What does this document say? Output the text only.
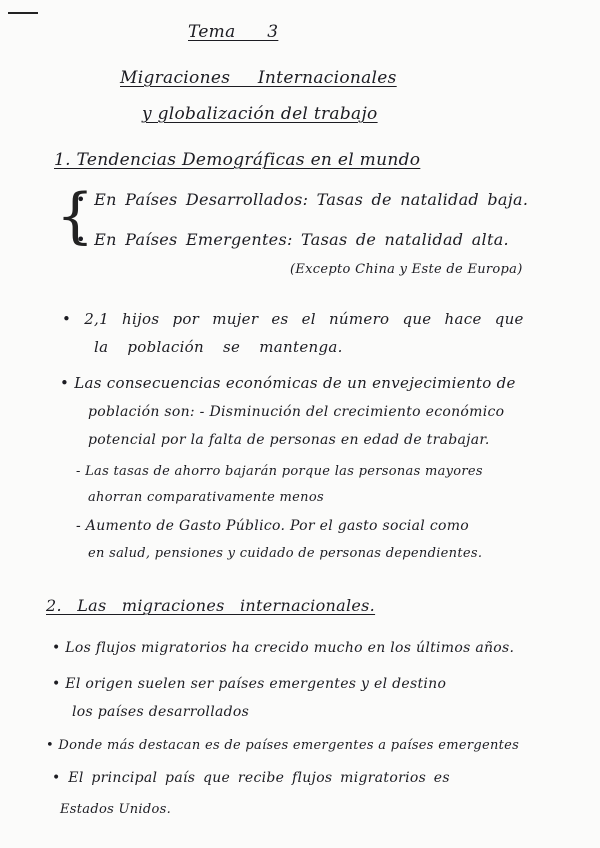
Tema 3
Migraciones Internacionales
y globalización del trabajo
1. Tendencias Demográficas en el mundo
{
• En Países Desarrollados: Tasas de natalidad baja.
• En Países Emergentes: Tasas de natalidad alta.
(Excepto China y Este de Europa)
• 2,1 hijos por mujer es el número que hace que
la población se mantenga.
• Las consecuencias económicas de un envejecimiento de
población son: - Disminución del crecimiento económico
potencial por la falta de personas en edad de trabajar.
- Las tasas de ahorro bajarán porque las personas mayores
ahorran comparativamente menos
- Aumento de Gasto Público. Por el gasto social como
en salud, pensiones y cuidado de personas dependientes.
2. Las migraciones internacionales.
• Los flujos migratorios ha crecido mucho en los últimos años.
• El origen suelen ser países emergentes y el destino
los países desarrollados
• Donde más destacan es de países emergentes a países emergentes
• El principal país que recibe flujos migratorios es
Estados Unidos.
